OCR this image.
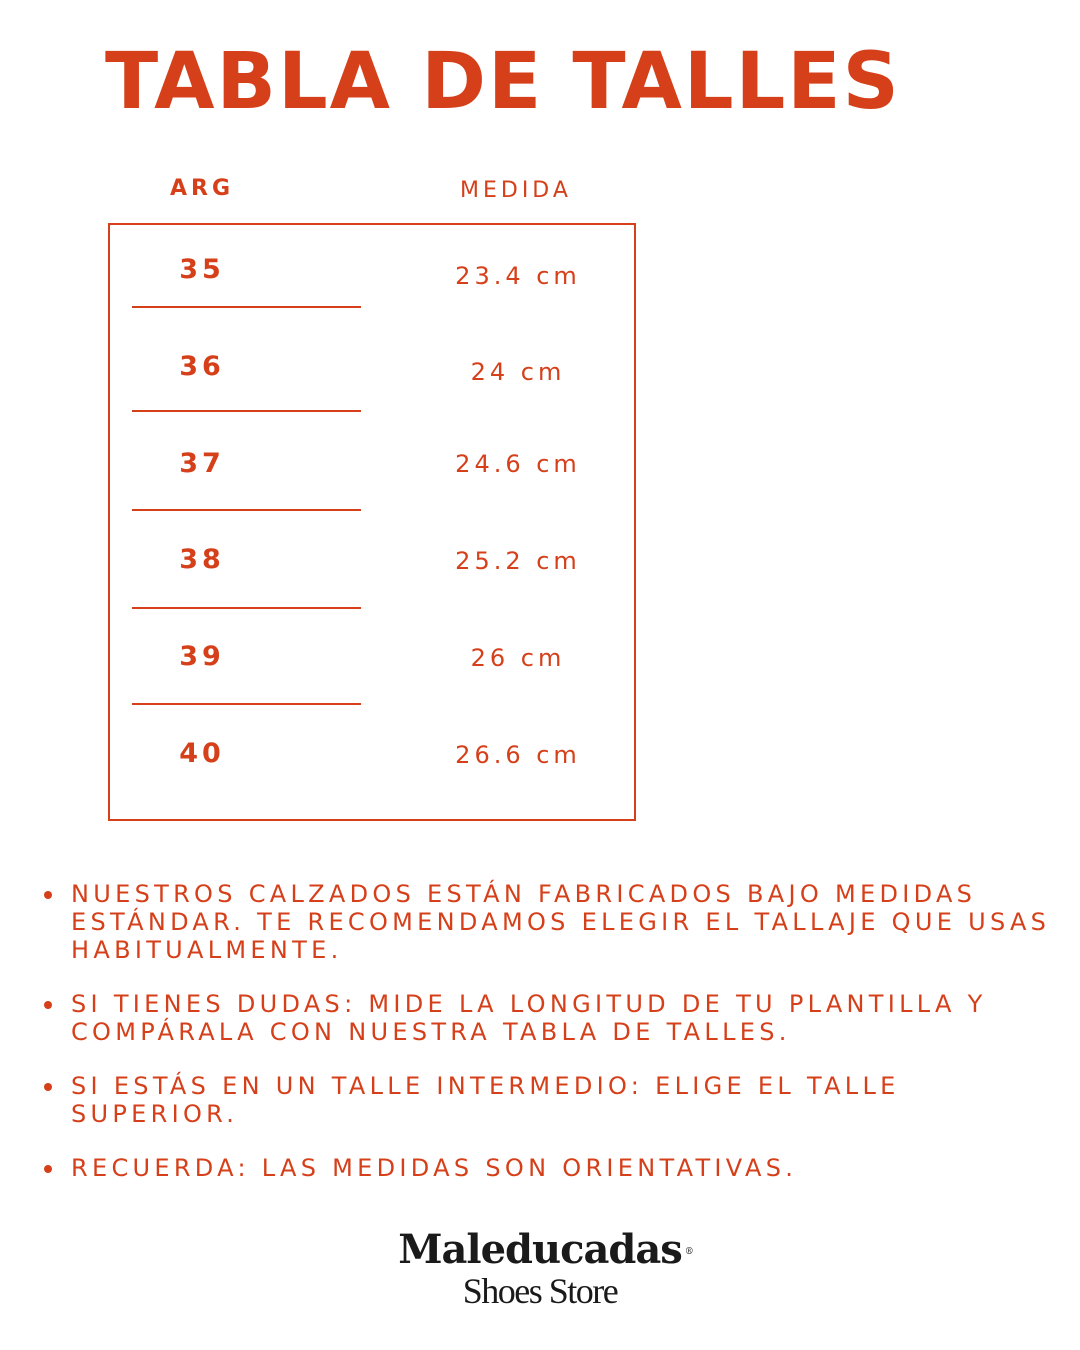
TABLA DE TALLES
ARG	MEDIDA
35	23.4 cm
36	24 cm
37	24.6 cm
38	25.2 cm
39	26 cm
40	26.6 cm
NUESTROS CALZADOS ESTÁN FABRICADOS BAJO MEDIDAS ESTÁNDAR. TE RECOMENDAMOS ELEGIR EL TALLAJE QUE USAS HABITUALMENTE.
SI TIENES DUDAS: MIDE LA LONGITUD DE TU PLANTILLA Y COMPÁRALA CON NUESTRA TABLA DE TALLES.
SI ESTÁS EN UN TALLE INTERMEDIO: ELIGE EL TALLE SUPERIOR.
RECUERDA: LAS MEDIDAS SON ORIENTATIVAS.
Maleducadas ®
Shoes Store
